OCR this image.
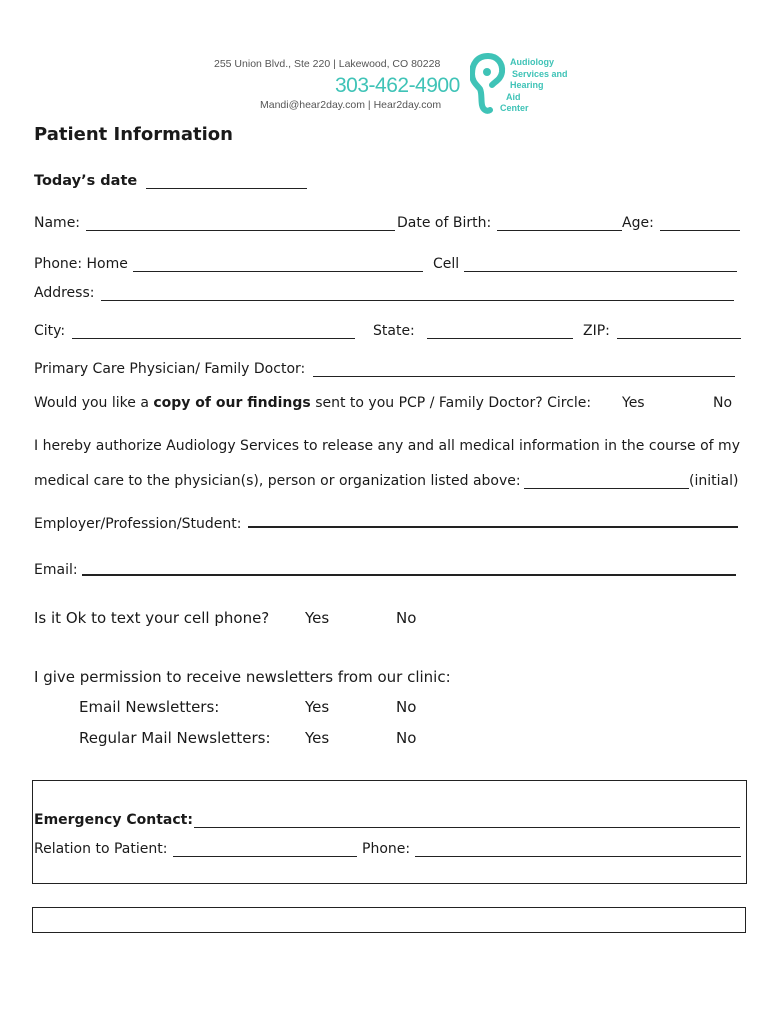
255 Union Blvd., Ste 220 | Lakewood, CO 80228
303-462-4900
Mandi@hear2day.com | Hear2day.com
Audiology
Services and
Hearing
Aid
Center
Patient Information
Today’s date
Name:	Date of Birth:	Age:
Phone: Home	Cell
Address:
City:	State:	ZIP:
Primary Care Physician/ Family Doctor:
Would you like a copy of our findings sent to you PCP / Family Doctor? Circle: Yes	No
I hereby authorize Audiology Services to release any and all medical information in the course of my
medical care to the physician(s), person or organization listed above:	(initial)
Employer/Profession/Student:
Email:
Is it Ok to text your cell phone? Yes	No
I give permission to receive newsletters from our clinic:
Email Newsletters:	Yes	No
Regular Mail Newsletters: Yes	No
Emergency Contact:
Relation to Patient:	Phone:
